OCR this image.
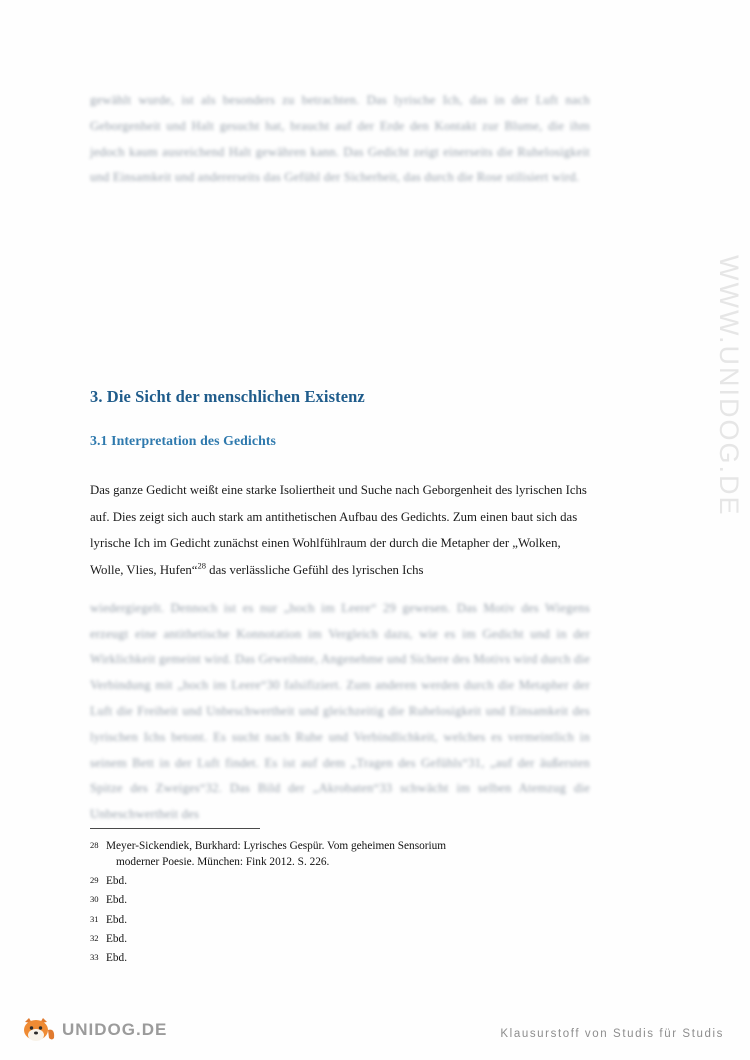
WWW.UNIDOG.DE

gewählt wurde, ist als besonders zu betrachten. Das lyrische Ich, das in der Luft nach Geborgenheit und Halt gesucht hat, braucht auf der Erde den Kontakt zur Blume, die ihm jedoch kaum ausreichend Halt gewähren kann. Das Gedicht zeigt einerseits die Ruhelosigkeit und Einsamkeit und andererseits das Gefühl der Sicherheit, das durch die Rose stilisiert wird.

3. Die Sicht der menschlichen Existenz
3.1 Interpretation des Gedichts

Das ganze Gedicht weißt eine starke Isoliertheit und Suche nach Geborgenheit des lyrischen Ichs auf. Dies zeigt sich auch stark am antithetischen Aufbau des Gedichts. Zum einen baut sich das lyrische Ich im Gedicht zunächst einen Wohlfühlraum der durch die Metapher der „Wolken, Wolle, Vlies, Hufen“$^{28}$ das verlässliche Gefühl des lyrischen Ichs

wiedergiegelt. Dennoch ist es nur „hoch im Leere“ 29 gewesen. Das Motiv des Wiegens erzeugt eine antithetische Konnotation im Vergleich dazu, wie es im Gedicht und in der Wirklichkeit gemeint wird. Das Geweihnte, Angenehme und Sichere des Motivs wird durch die Verbindung mit „hoch im Leere“30 falsifiziert. Zum anderen werden durch die Metapher der Luft die Freiheit und Unbeschwertheit und gleichzeitig die Ruhelosigkeit und Einsamkeit des lyrischen Ichs betont. Es sucht nach Ruhe und Verbindlichkeit, welches es vermeintlich in seinem Bett in der Luft findet. Es ist auf dem „Tragen des Gefühls“31, „auf der äußersten Spitze des Zweiges“32. Das Bild der „Akrobaten“33 schwächt im selben Atemzug die Unbeschwertheit des

28 Meyer-Sickendiek, Burkhard: Lyrisches Gespür. Vom geheimen Sensorium
moderner Poesie. München: Fink 2012. S. 226.
29 Ebd.
30 Ebd.
31 Ebd.
32 Ebd.
33 Ebd.
UNIDOG.DE	Klausurstoff von Studis für Studis
